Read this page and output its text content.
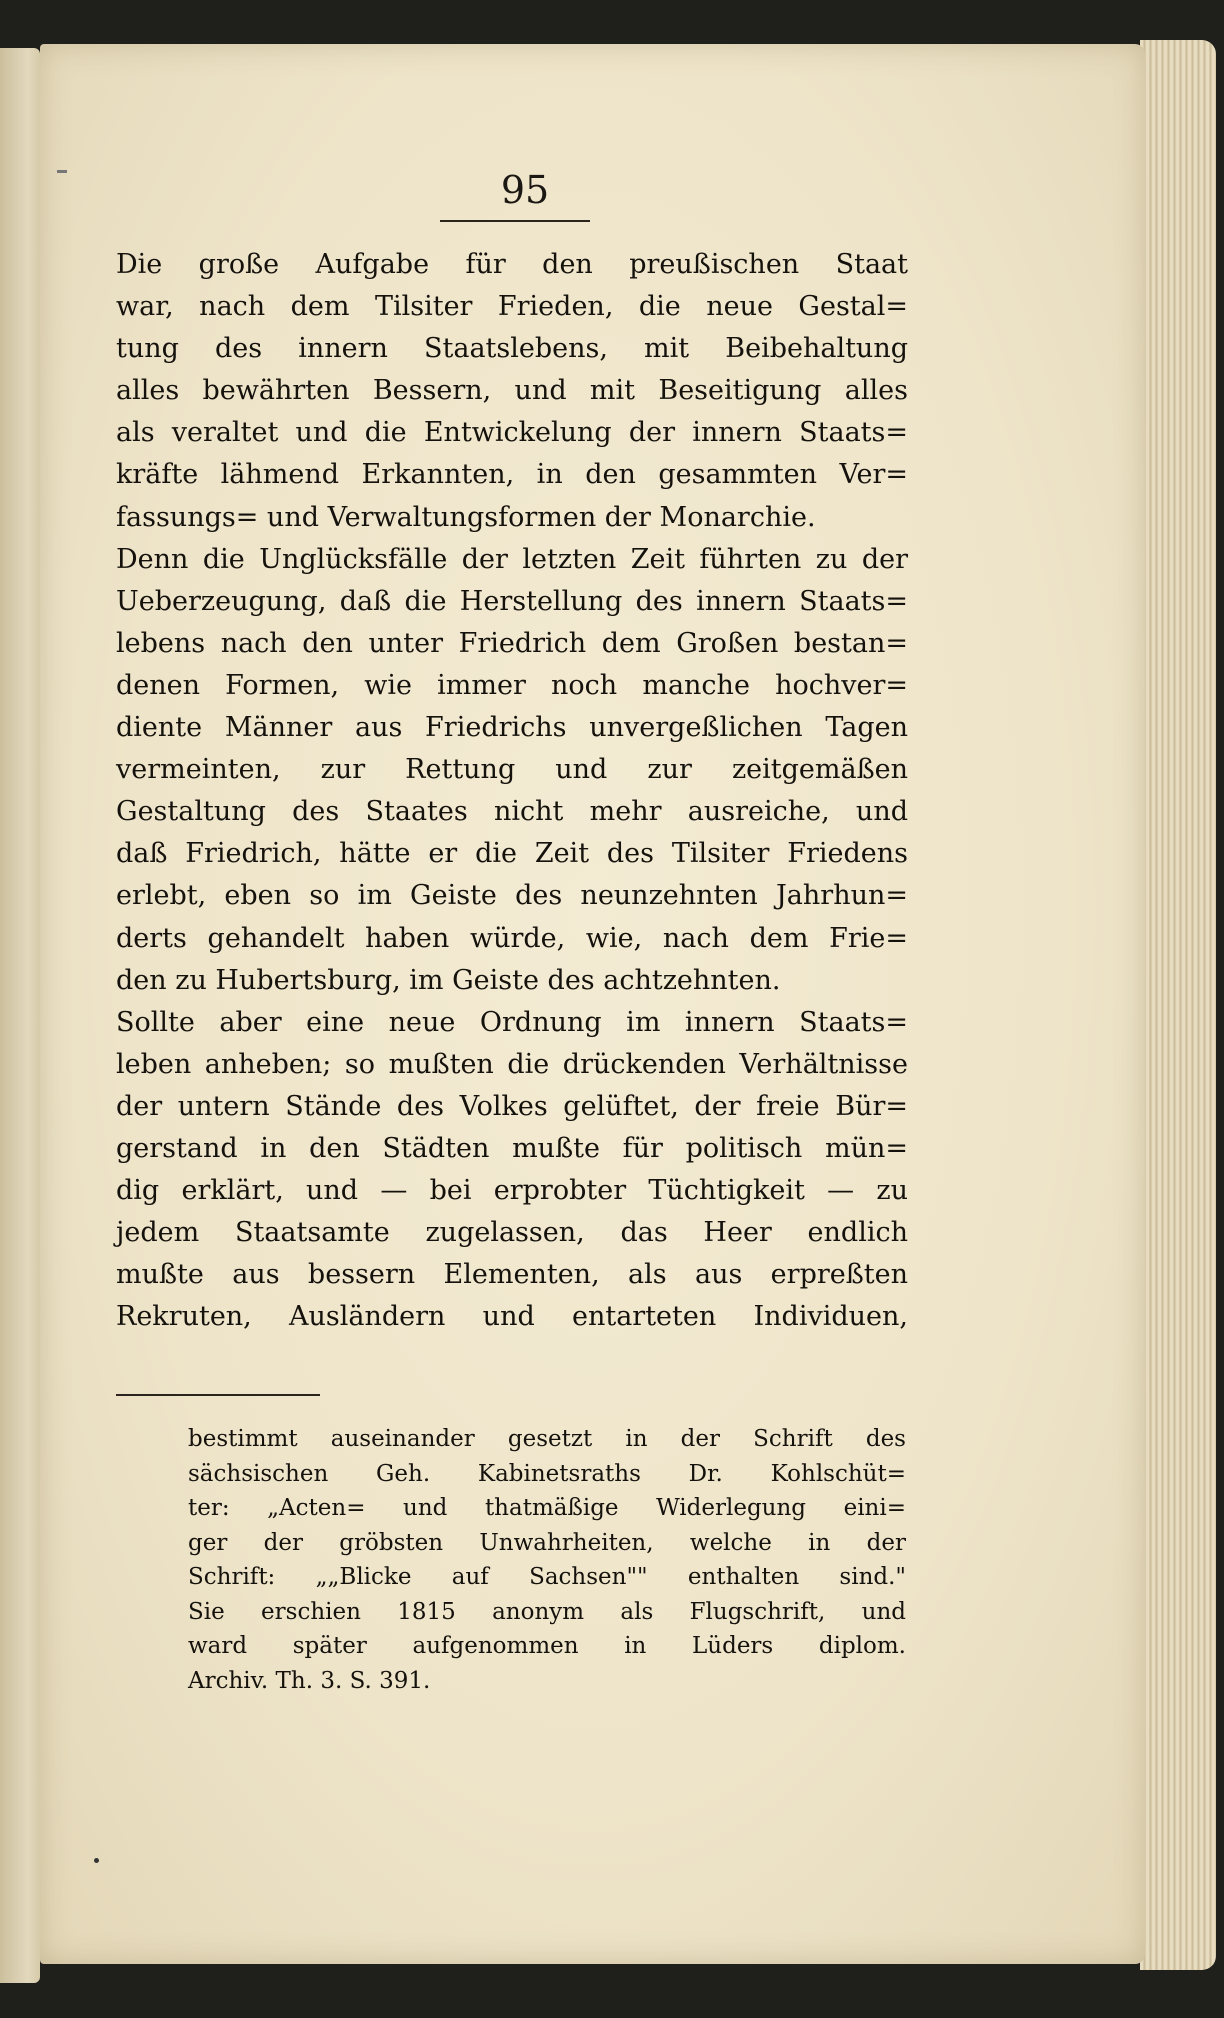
95
Die große Aufgabe für den preußischen Staat
war, nach dem Tilsiter Frieden, die neue Gestal=
tung des innern Staatslebens, mit Beibehaltung
alles bewährten Bessern, und mit Beseitigung alles
als veraltet und die Entwickelung der innern Staats=
kräfte lähmend Erkannten, in den gesammten Ver=
fassungs= und Verwaltungsformen der Monarchie.
Denn die Unglücksfälle der letzten Zeit führten zu der
Ueberzeugung, daß die Herstellung des innern Staats=
lebens nach den unter Friedrich dem Großen bestan=
denen Formen, wie immer noch manche hochver=
diente Männer aus Friedrichs unvergeßlichen Tagen
vermeinten, zur Rettung und zur zeitgemäßen
Gestaltung des Staates nicht mehr ausreiche, und
daß Friedrich, hätte er die Zeit des Tilsiter Friedens
erlebt, eben so im Geiste des neunzehnten Jahrhun=
derts gehandelt haben würde, wie, nach dem Frie=
den zu Hubertsburg, im Geiste des achtzehnten.
Sollte aber eine neue Ordnung im innern Staats=
leben anheben; so mußten die drückenden Verhältnisse
der untern Stände des Volkes gelüftet, der freie Bür=
gerstand in den Städten mußte für politisch mün=
dig erklärt, und — bei erprobter Tüchtigkeit — zu
jedem Staatsamte zugelassen, das Heer endlich
mußte aus bessern Elementen, als aus erpreßten
Rekruten, Ausländern und entarteten Individuen,
bestimmt auseinander gesetzt in der Schrift des
sächsischen Geh. Kabinetsraths Dr. Kohlschüt=
ter: „Acten= und thatmäßige Widerlegung eini=
ger der gröbsten Unwahrheiten, welche in der
Schrift: „„Blicke auf Sachsen"" enthalten sind."
Sie erschien 1815 anonym als Flugschrift, und
ward später aufgenommen in Lüders diplom.
Archiv. Th. 3. S. 391.
